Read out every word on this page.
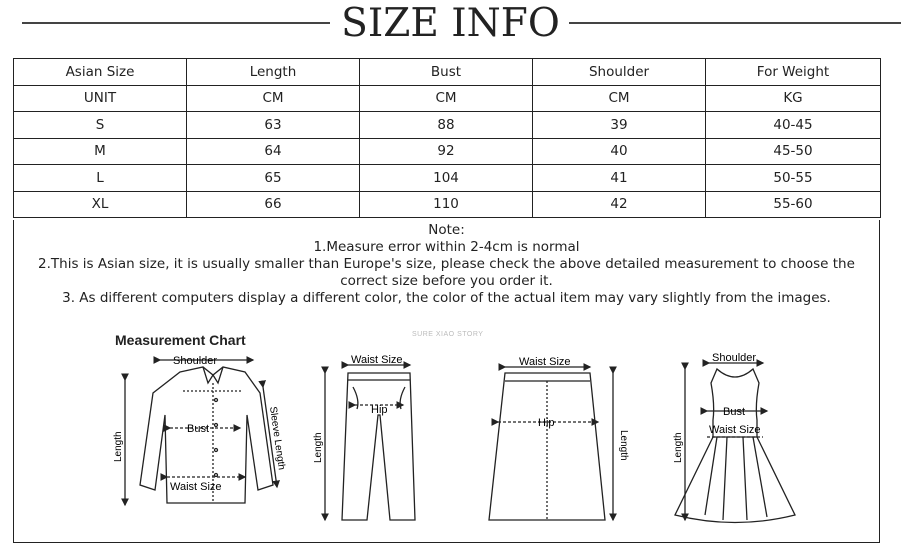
SIZE INFO
Asian Size	Length	Bust	Shoulder	For Weight
UNIT	CM	CM	CM	KG
S	63	88	39	40-45
M	64	92	40	45-50
L	65	104	41	50-55
XL	66	110	42	55-60
Note:
1.Measure error within 2-4cm is normal
2.This is Asian size, it is usually smaller than Europe's size, please check the above detailed measurement to choose the correct size before you order it.
3. As different computers display a different color, the color of the actual item may vary slightly from the images.
Measurement Chart	SURE XIAO STORY
Shoulder
Bust
Waist Size
Length	Sleeve Length
Waist Size
Hip
Length
Waist Size
Hip
Length
Shoulder
Bust
Waist Size
Length
